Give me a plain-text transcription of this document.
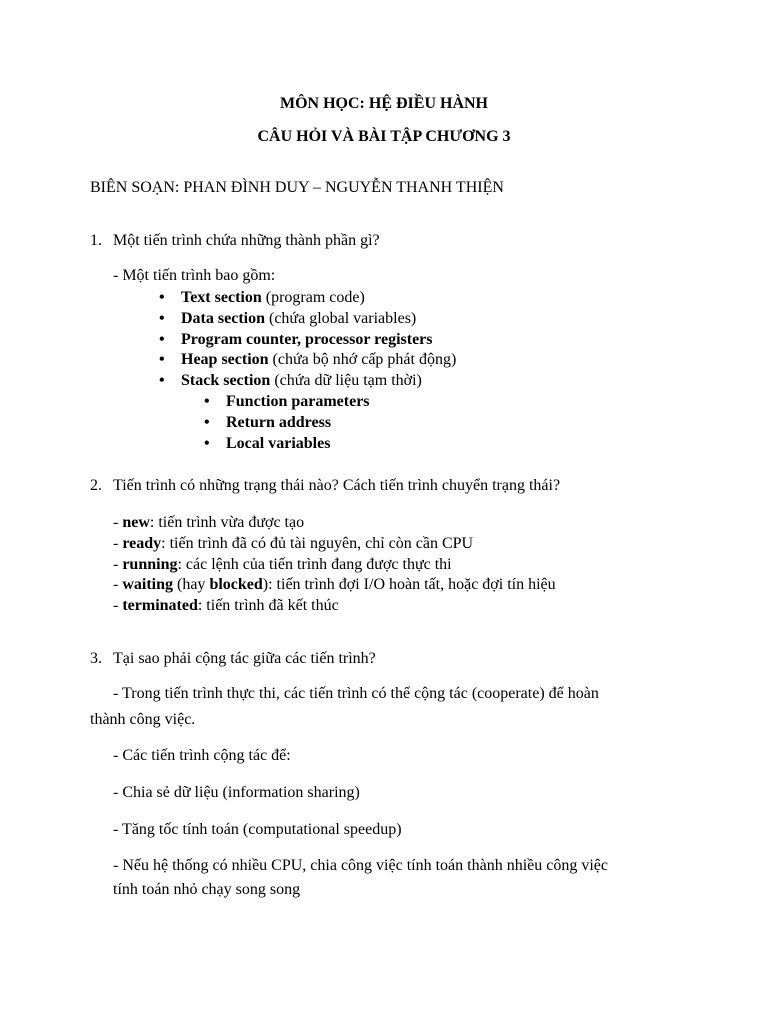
MÔN HỌC: HỆ ĐIỀU HÀNH
CÂU HỎI VÀ BÀI TẬP CHƯƠNG 3
BIÊN SOẠN: PHAN ĐÌNH DUY – NGUYỄN THANH THIỆN
1. Một tiến trình chứa những thành phần gì?
- Một tiến trình bao gồm:
• Text section (program code)
• Data section (chứa global variables)
• Program counter, processor registers
• Heap section (chứa bộ nhớ cấp phát động)
• Stack section (chứa dữ liệu tạm thời)
• Function parameters
• Return address
• Local variables
2. Tiến trình có những trạng thái nào? Cách tiến trình chuyển trạng thái?
- new: tiến trình vừa được tạo
- ready: tiến trình đã có đủ tài nguyên, chỉ còn cần CPU
- running: các lệnh của tiến trình đang được thực thi
- waiting (hay blocked): tiến trình đợi I/O hoàn tất, hoặc đợi tín hiệu
- terminated: tiến trình đã kết thúc
3. Tại sao phải cộng tác giữa các tiến trình?
- Trong tiến trình thực thi, các tiến trình có thể cộng tác (cooperate) để hoàn
thành công việc.
- Các tiến trình cộng tác để:
- Chia sẻ dữ liệu (information sharing)
- Tăng tốc tính toán (computational speedup)
- Nếu hệ thống có nhiều CPU, chia công việc tính toán thành nhiều công việc
tính toán nhỏ chạy song song
